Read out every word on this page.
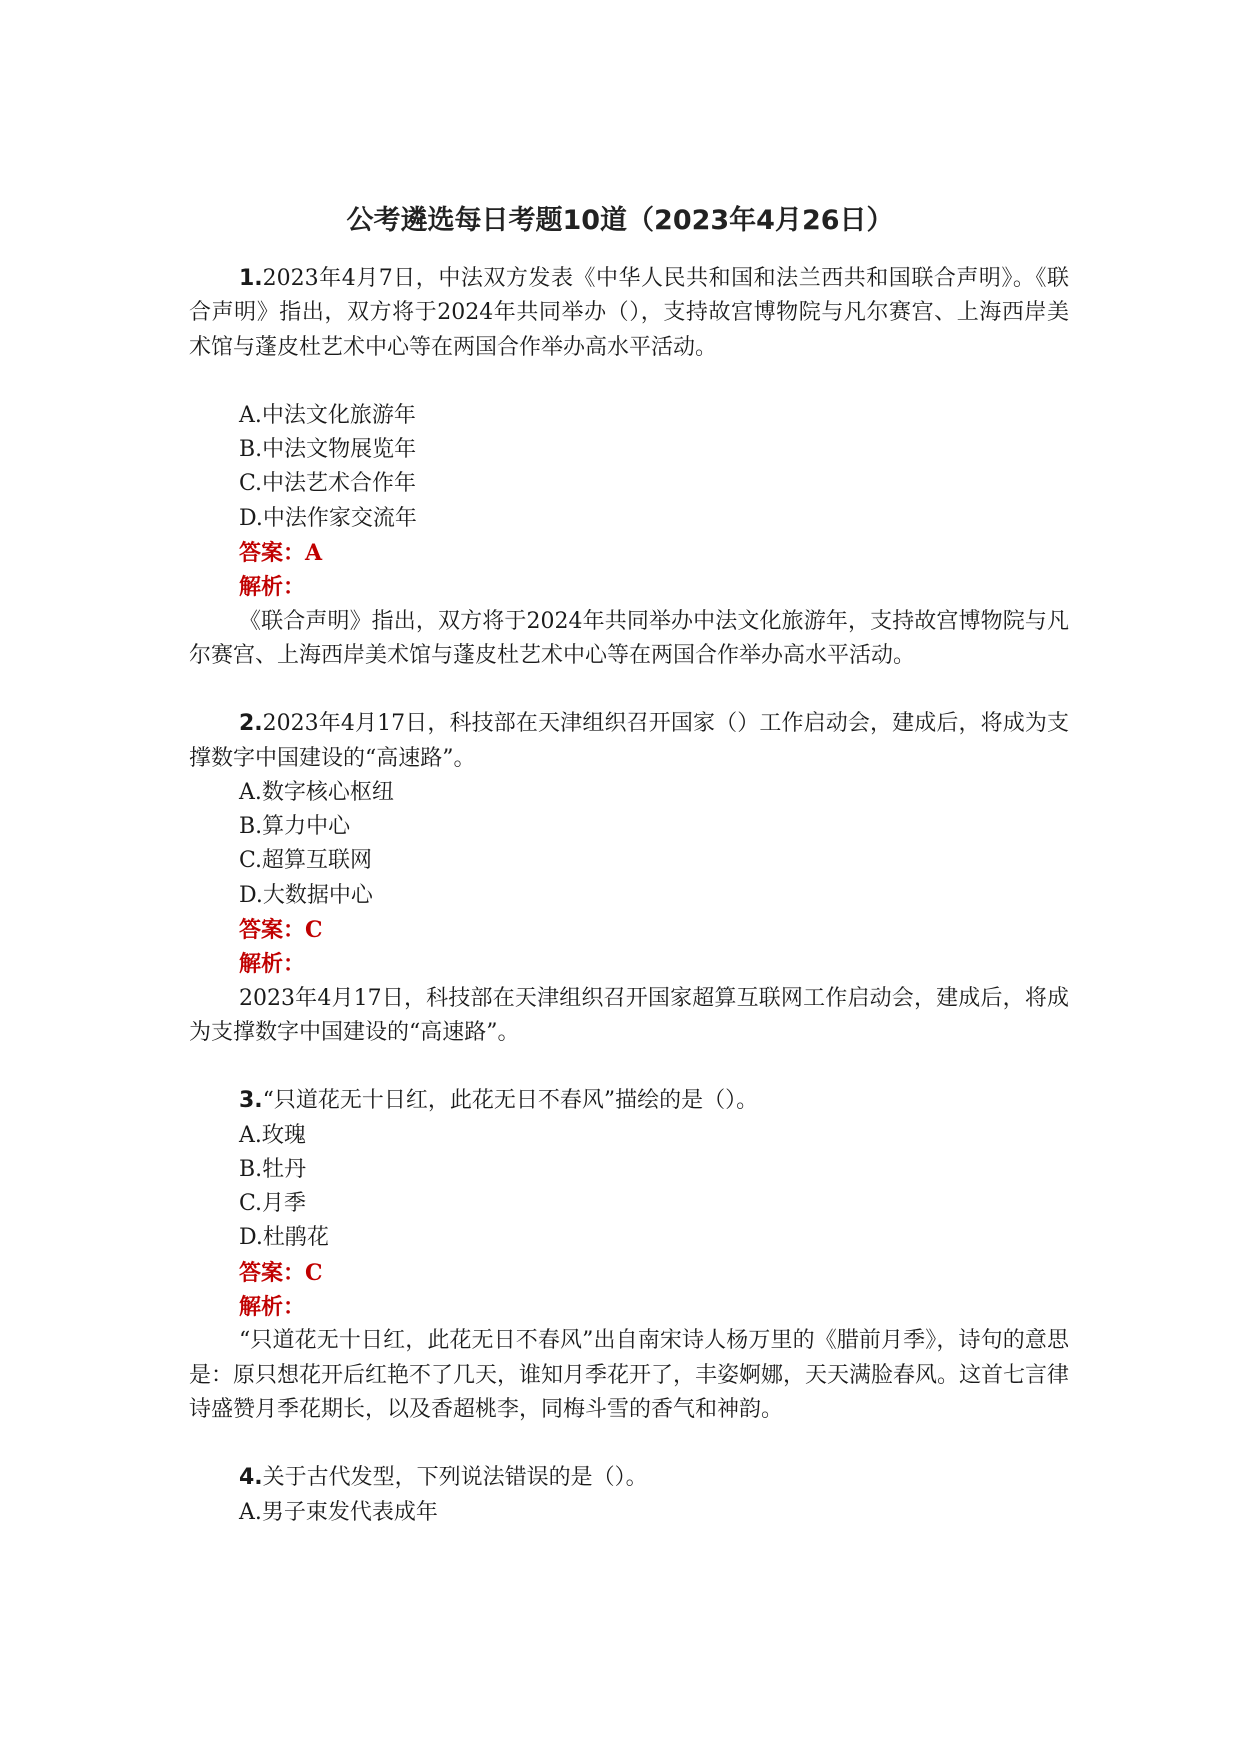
公考遴选每日考题10道（2023年4月26日）

1.2023年4月7日，中法双方发表《中华人民共和国和法兰西共和国联合声明》。《联合声明》指出，双方将于2024年共同举办（），支持故宫博物院与凡尔赛宫、上海西岸美术馆与蓬皮杜艺术中心等在两国合作举办高水平活动。

A.中法文化旅游年

B.中法文物展览年

C.中法艺术合作年

D.中法作家交流年

答案：A

解析：

《联合声明》指出，双方将于2024年共同举办中法文化旅游年，支持故宫博物院与凡尔赛宫、上海西岸美术馆与蓬皮杜艺术中心等在两国合作举办高水平活动。

2.2023年4月17日，科技部在天津组织召开国家（）工作启动会，建成后，将成为支撑数字中国建设的“高速路”。

A.数字核心枢纽

B.算力中心

C.超算互联网

D.大数据中心

答案：C

解析：

2023年4月17日，科技部在天津组织召开国家超算互联网工作启动会，建成后，将成为支撑数字中国建设的“高速路”。

3.“只道花无十日红，此花无日不春风”描绘的是（）。

A.玫瑰

B.牡丹

C.月季

D.杜鹃花

答案：C

解析：

“只道花无十日红，此花无日不春风”出自南宋诗人杨万里的《腊前月季》，诗句的意思是：原只想花开后红艳不了几天，谁知月季花开了，丰姿婀娜，天天满脸春风。这首七言律诗盛赞月季花期长，以及香超桃李，同梅斗雪的香气和神韵。

4.关于古代发型，下列说法错误的是（）。

A.男子束发代表成年
